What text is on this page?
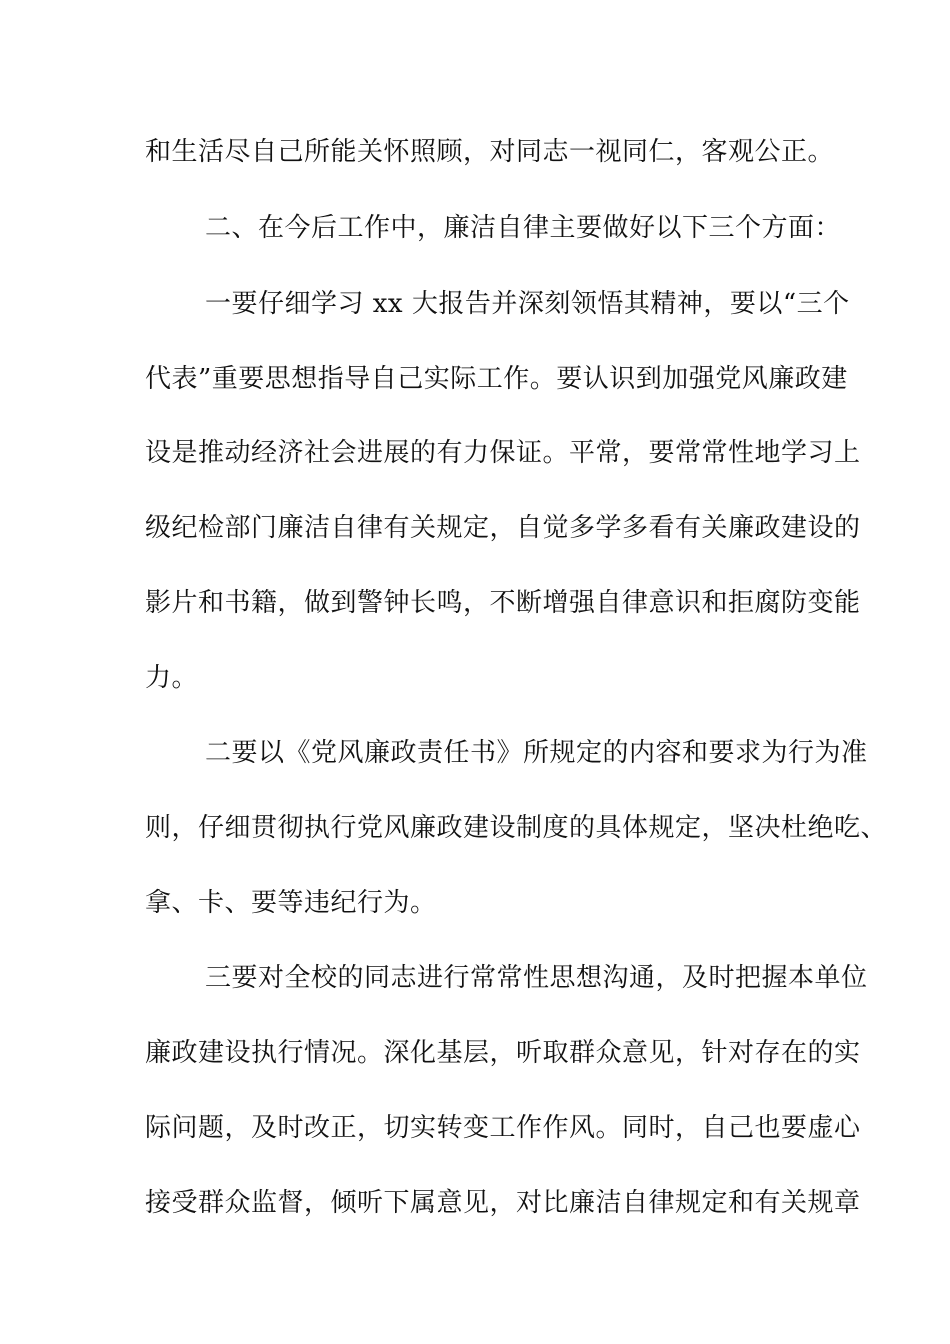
和生活尽自己所能关怀照顾，对同志一视同仁，客观公正。

二、在今后工作中，廉洁自律主要做好以下三个方面：

一要仔细学习 xx 大报告并深刻领悟其精神，要以“三个

代表”重要思想指导自己实际工作。要认识到加强党风廉政建

设是推动经济社会进展的有力保证。平常，要常常性地学习上

级纪检部门廉洁自律有关规定，自觉多学多看有关廉政建设的

影片和书籍，做到警钟长鸣，不断增强自律意识和拒腐防变能

力。

二要以《党风廉政责任书》所规定的内容和要求为行为准

则，仔细贯彻执行党风廉政建设制度的具体规定，坚决杜绝吃、

拿、卡、要等违纪行为。

三要对全校的同志进行常常性思想沟通，及时把握本单位

廉政建设执行情况。深化基层，听取群众意见，针对存在的实

际问题，及时改正，切实转变工作作风。同时，自己也要虚心

接受群众监督，倾听下属意见，对比廉洁自律规定和有关规章
